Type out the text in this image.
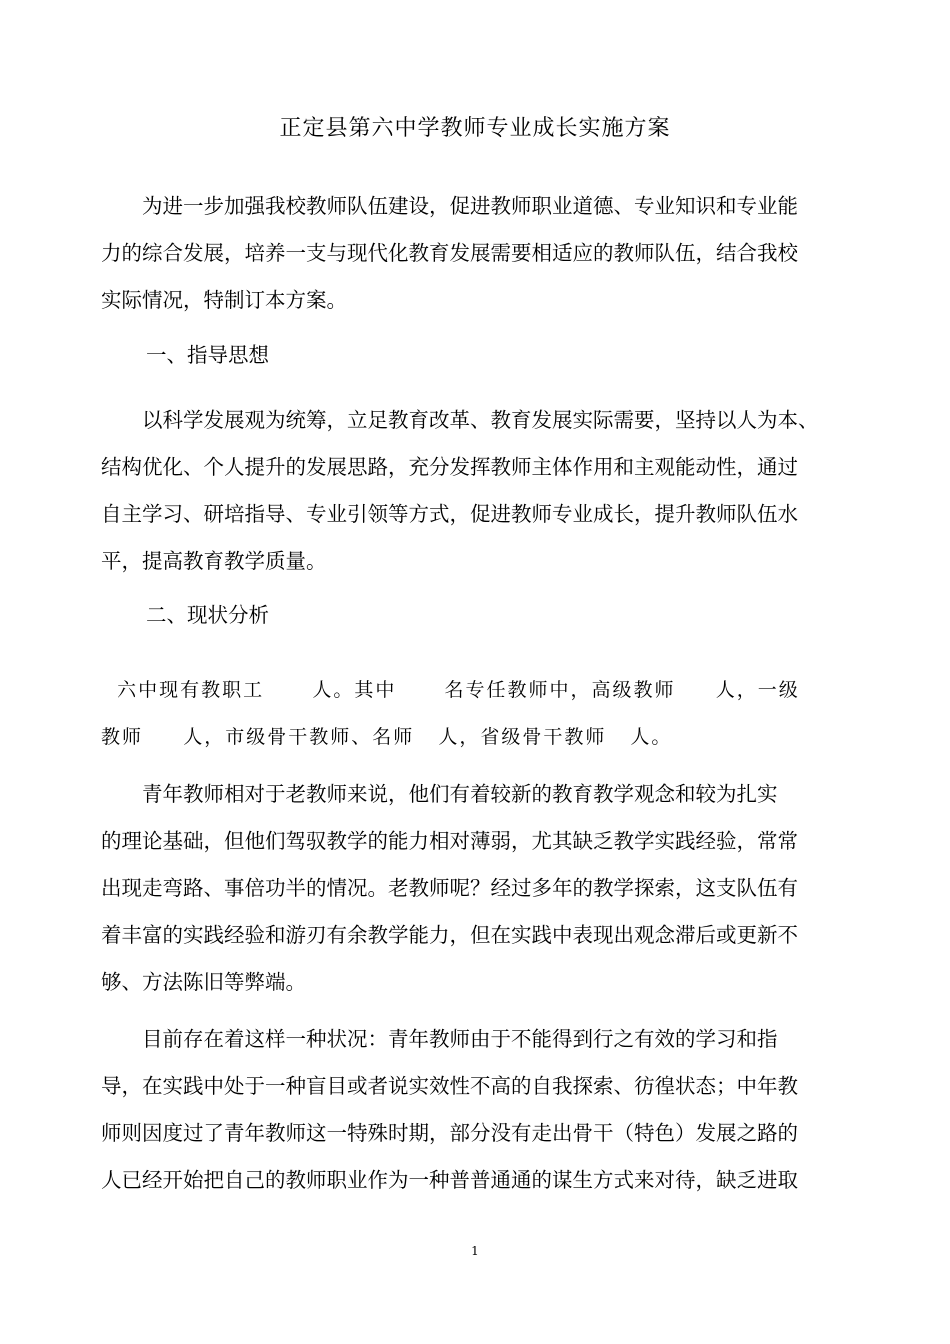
正定县第六中学教师专业成长实施方案
　　为进一步加强我校教师队伍建设，促进教师职业道德、专业知识和专业能
力的综合发展，培养一支与现代化教育发展需要相适应的教师队伍，结合我校
实际情况，特制订本方案。
一、指导思想
　　以科学发展观为统筹，立足教育改革、教育发展实际需要，坚持以人为本、
结构优化、个人提升的发展思路，充分发挥教师主体作用和主观能动性，通过
自主学习、研培指导、专业引领等方式，促进教师专业成长，提升教师队伍水
平，提高教育教学质量。
二、现状分析
六中现有教职工      人。其中      名专任教师中，高级教师     人，一级
教师     人，市级骨干教师、名师   人，省级骨干教师   人。
　　青年教师相对于老教师来说，他们有着较新的教育教学观念和较为扎实
的理论基础，但他们驾驭教学的能力相对薄弱，尤其缺乏教学实践经验，常常
出现走弯路、事倍功半的情况。老教师呢？经过多年的教学探索，这支队伍有
着丰富的实践经验和游刃有余教学能力，但在实践中表现出观念滞后或更新不
够、方法陈旧等弊端。
　　目前存在着这样一种状况：青年教师由于不能得到行之有效的学习和指
导，在实践中处于一种盲目或者说实效性不高的自我探索、彷徨状态；中年教
师则因度过了青年教师这一特殊时期，部分没有走出骨干（特色）发展之路的
人已经开始把自己的教师职业作为一种普普通通的谋生方式来对待，缺乏进取
1
